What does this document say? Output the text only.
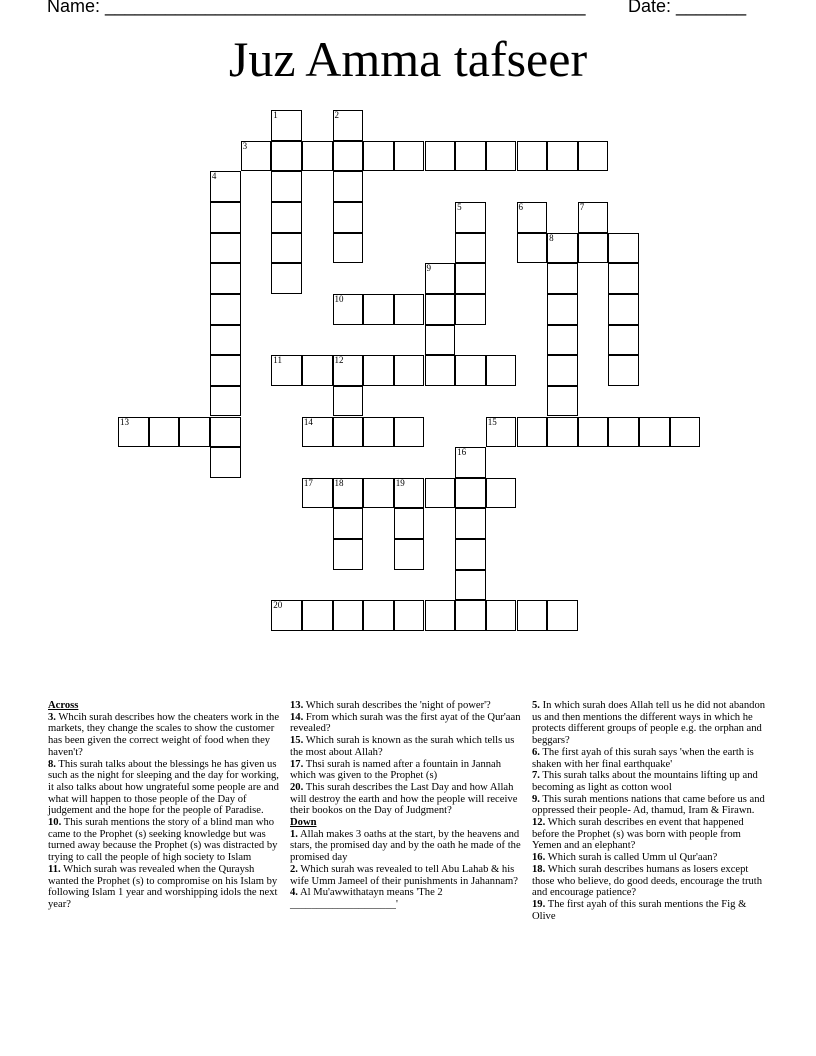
Name: ________________________________________________ Date: _______
Juz Amma tafseer
1	2
3
4
5	6	7
8
9
10
11	12
13	14	15
16
17 18	19
20

Across

3. Whcih surah describes how the cheaters work in the markets, they change the scales to show the customer has been given the correct weight of food when they haven't?

8. This surah talks about the blessings he has given us such as the night for sleeping and the day for working, it also talks about how ungrateful some people are and what will happen to those people of the Day of judgement and the hope for the people of Paradise.

10. This surah mentions the story of a blind man who came to the Prophet (s) seeking knowledge but was turned away because the Prophet (s) was distracted by trying to call the people of high society to Islam

11. Which surah was revealed when the Quraysh wanted the Prophet (s) to compromise on his Islam by following Islam 1 year and worshipping idols the next year?

13. Which surah describes the 'night of power'?

14. From which surah was the first ayat of the Qur'aan revealed?

15. Which surah is known as the surah which tells us the most about Allah?

17. Thsi surah is named after a fountain in Jannah which was given to the Prophet (s)

20. This surah describes the Last Day and how Allah will destroy the earth and how the people will receive their bookos on the Day of Judgment?

Down

1. Allah makes 3 oaths at the start, by the heavens and stars, the promised day and by the oath he made of the promised day

2. Which surah was revealed to tell Abu Lahab & his wife Umm Jameel of their punishments in Jahannam?

4. Al Mu'awwithatayn means 'The 2 ____________________'

5. In which surah does Allah tell us he did not abandon us and then mentions the different ways in which he protects different groups of people e.g. the orphan and beggars?

6. The first ayah of this surah says 'when the earth is shaken with her final earthquake'

7. This surah talks about the mountains lifting up and becoming as light as cotton wool

9. This surah mentions nations that came before us and oppressed their people- Ad, thamud, Iram & Firawn.

12. Which surah describes en event that happened before the Prophet (s) was born with people from Yemen and an elephant?

16. Which surah is called Umm ul Qur'aan?

18. Which surah describes humans as losers except those who believe, do good deeds, encourage the truth and encourage patience?

19. The first ayah of this surah mentions the Fig & Olive
